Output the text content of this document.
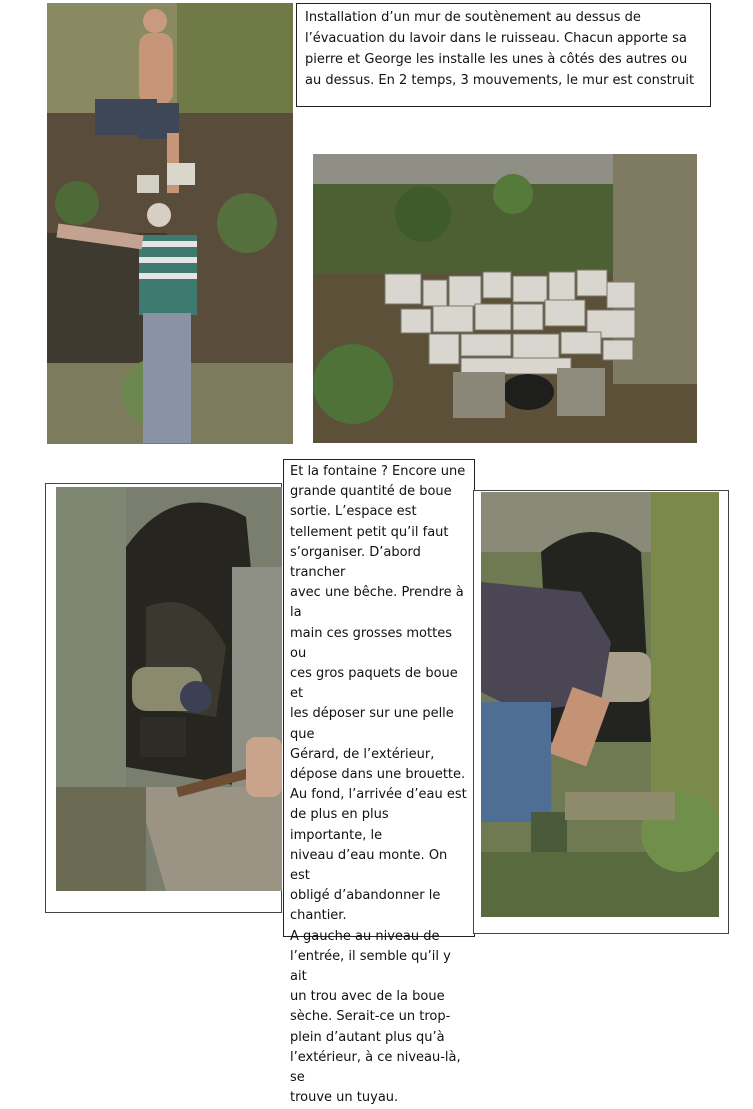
Installation d’un mur de soutènement au dessus de l’évacuation du lavoir dans le ruisseau. Chacun apporte sa pierre et George les installe les unes à côtés des autres ou au dessus. En 2 temps, 3 mouvements, le mur est construit
Et la fontaine ? Encore une
grande quantité de boue
sortie. L’espace est
tellement petit qu’il faut
s’organiser. D’abord trancher
avec une bêche. Prendre à la
main ces grosses mottes ou
ces gros paquets de boue et
les déposer sur une pelle que
Gérard, de l’extérieur,
dépose dans une brouette.
Au fond, l’arrivée d’eau est
de plus en plus importante, le
niveau d’eau monte. On est
obligé d’abandonner le
chantier.
A gauche au niveau de
l’entrée, il semble qu’il y ait
un trou avec de la boue
sèche. Serait-ce un trop-
plein d’autant plus qu’à
l’extérieur, à ce niveau-là, se
trouve un tuyau.
